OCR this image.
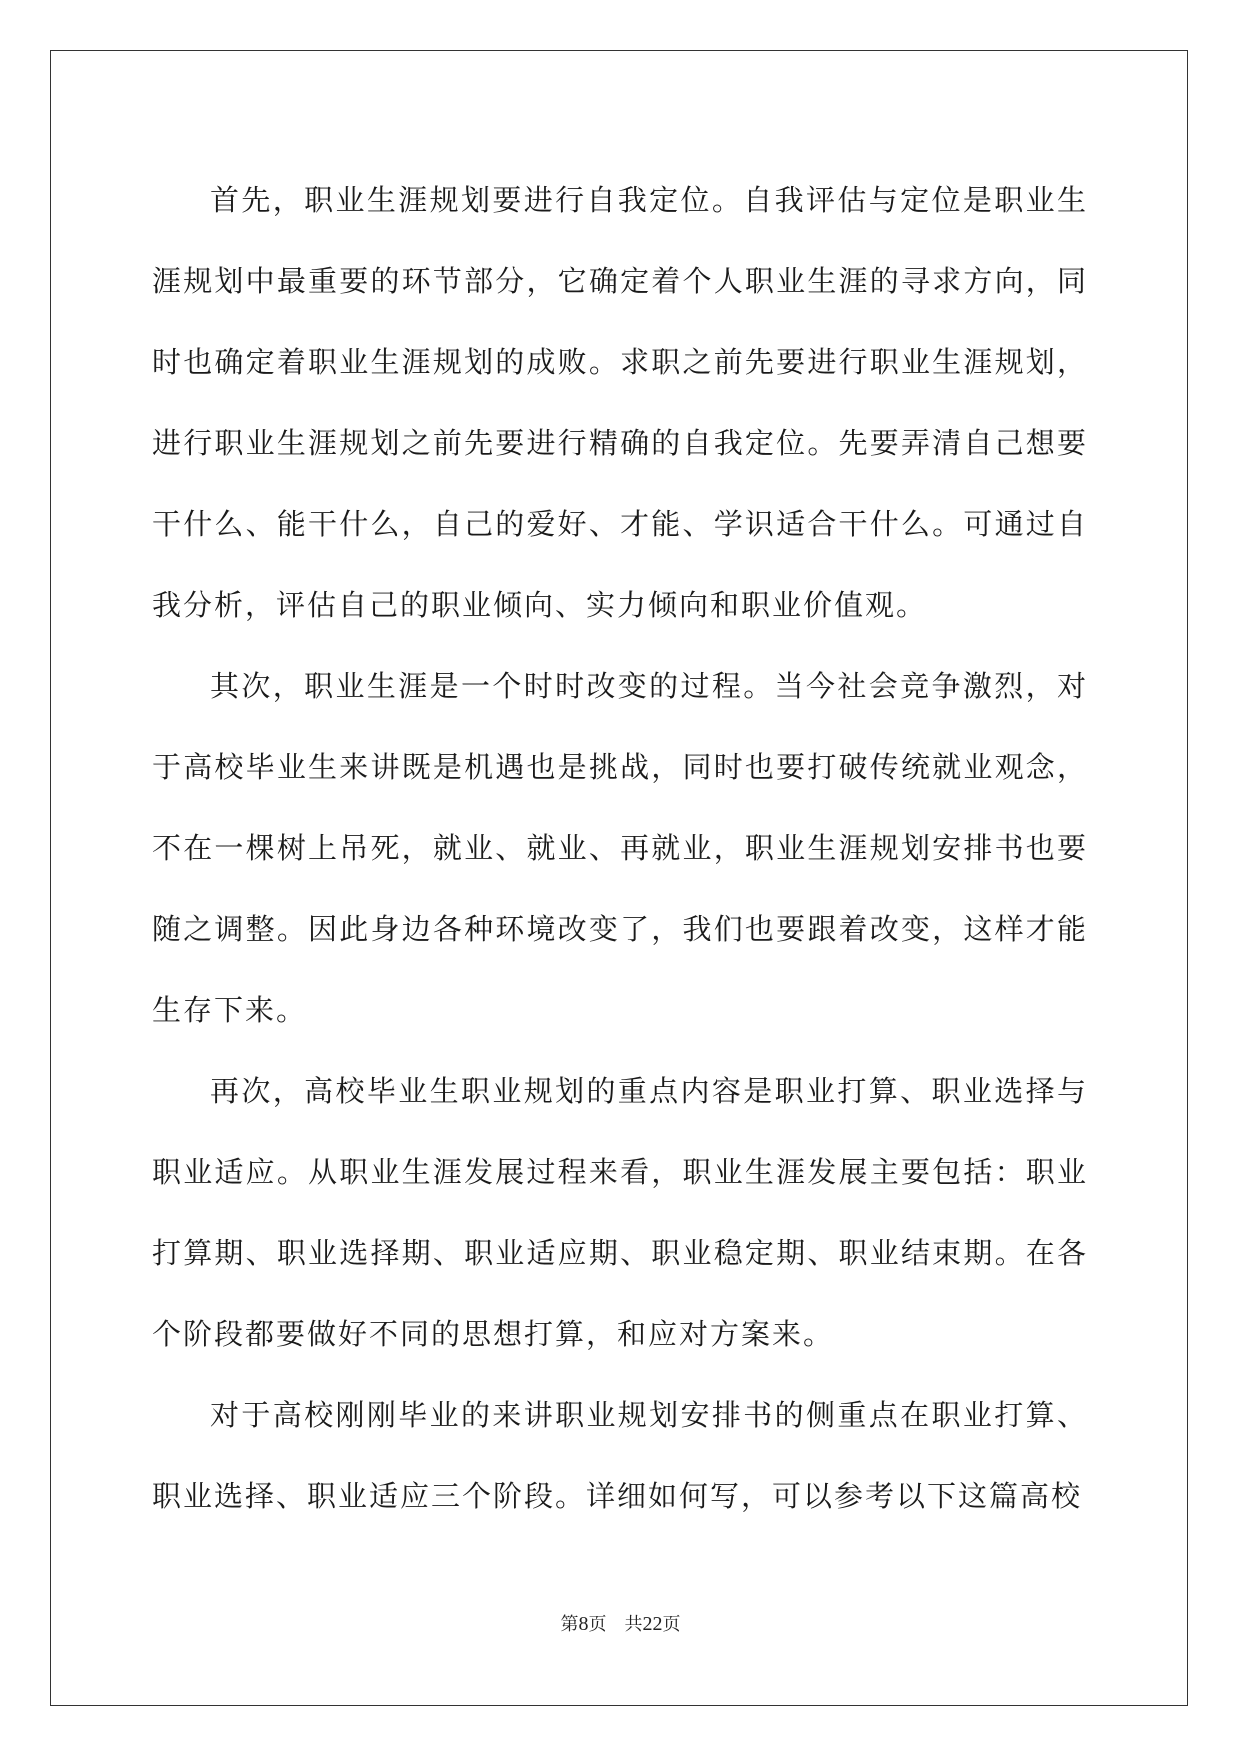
首先，职业生涯规划要进行自我定位。自我评估与定位是职业生涯规划中最重要的环节部分，它确定着个人职业生涯的寻求方向，同时也确定着职业生涯规划的成败。求职之前先要进行职业生涯规划，进行职业生涯规划之前先要进行精确的自我定位。先要弄清自己想要干什么、能干什么，自己的爱好、才能、学识适合干什么。可通过自我分析，评估自己的职业倾向、实力倾向和职业价值观。

其次，职业生涯是一个时时改变的过程。当今社会竞争激烈，对于高校毕业生来讲既是机遇也是挑战，同时也要打破传统就业观念，不在一棵树上吊死，就业、就业、再就业，职业生涯规划安排书也要随之调整。因此身边各种环境改变了，我们也要跟着改变，这样才能生存下来。

再次，高校毕业生职业规划的重点内容是职业打算、职业选择与职业适应。从职业生涯发展过程来看，职业生涯发展主要包括：职业打算期、职业选择期、职业适应期、职业稳定期、职业结束期。在各个阶段都要做好不同的思想打算，和应对方案来。

对于高校刚刚毕业的来讲职业规划安排书的侧重点在职业打算、职业选择、职业适应三个阶段。详细如何写，可以参考以下这篇高校

第8页 共22页
